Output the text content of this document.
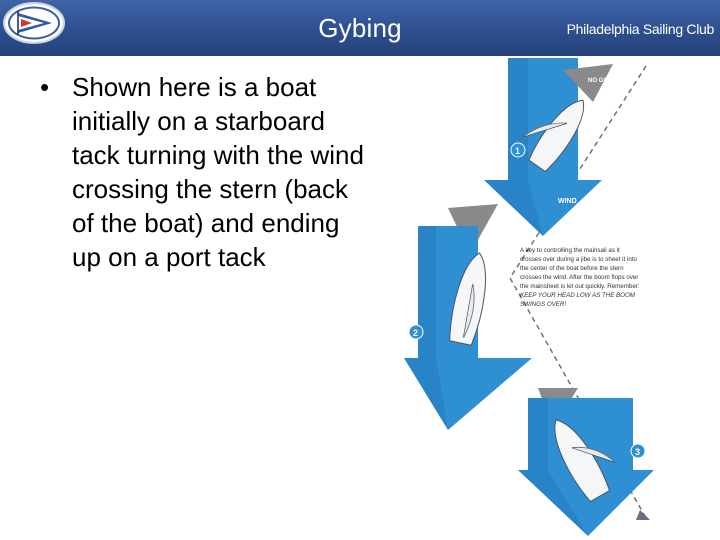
Gybing	Philadelphia Sailing Club
• Shown here is a boat initially on a starboard tack turning with the wind crossing the stern (back of the boat) and ending up on a port tack
WIND
NO GO ZONE
1
2
A key to controlling the mainsail as it
crosses over during a jibe is to sheet it into
the center of the boat before the stern
crosses the wind. After the boom flops over
the mainsheet is let out quickly. Remember:
KEEP YOUR HEAD LOW AS THE BOOM
SWINGS OVER!
3
